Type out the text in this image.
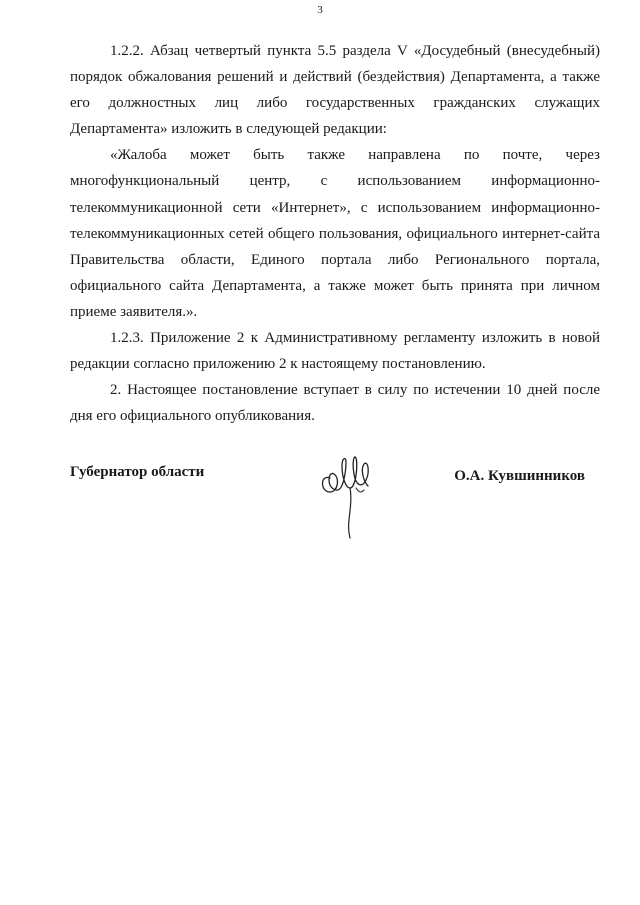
3

1.2.2. Абзац четвертый пункта 5.5 раздела V «Досудебный (внесудебный) порядок обжалования решений и действий (бездействия) Департамента, а также его должностных лиц либо государственных гражданских служащих Департамента» изложить в следующей редакции:

«Жалоба может быть также направлена по почте, через многофункциональный центр, с использованием информационно-телекоммуникационной сети «Интернет», с использованием информационно-телекоммуникационных сетей общего пользования, официального интернет-сайта Правительства области, Единого портала либо Регионального портала, официального сайта Департамента, а также может быть принята при личном приеме заявителя.».

1.2.3. Приложение 2 к Административному регламенту изложить в новой редакции согласно приложению 2 к настоящему постановлению.

2. Настоящее постановление вступает в силу по истечении 10 дней после дня его официального опубликования.

Губернатор области	О.А. Кувшинников
